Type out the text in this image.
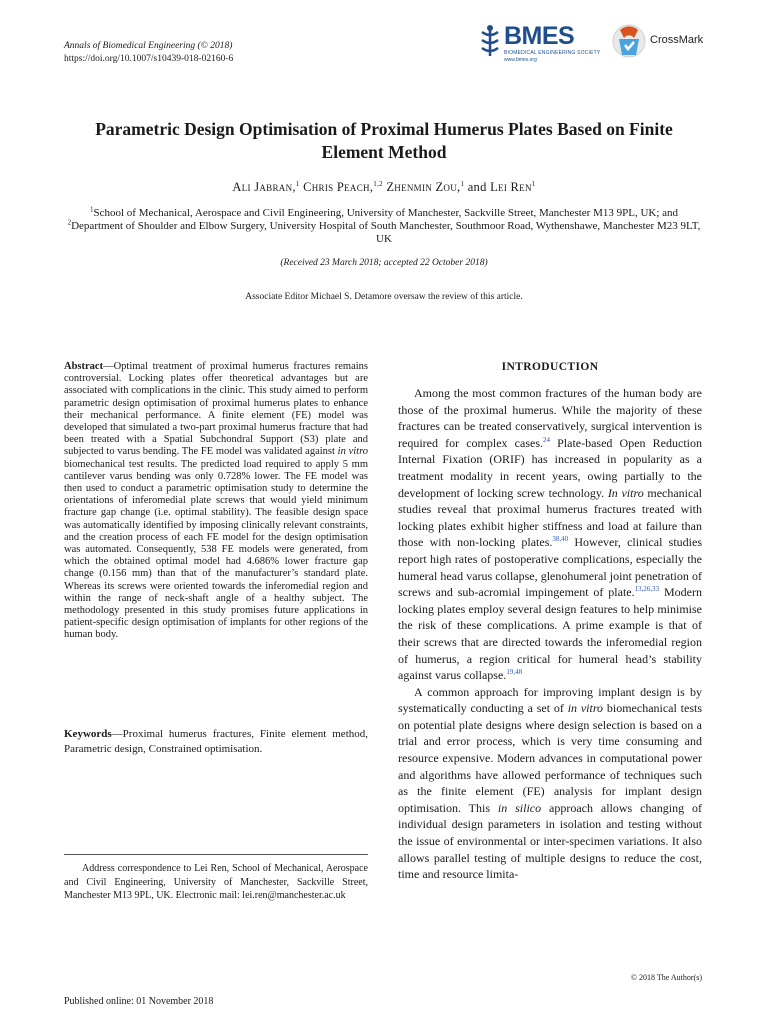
Annals of Biomedical Engineering (© 2018)
https://doi.org/10.1007/s10439-018-02160-6
BMES
BIOMEDICAL ENGINEERING SOCIETY
www.bmes.org
CrossMark
Parametric Design Optimisation of Proximal Humerus Plates Based on Finite Element Method
Ali Jabran,$^1$ Chris Peach,$^{1,2}$ Zhenmin Zou,$^1$ and Lei Ren$^1$
$^1$School of Mechanical, Aerospace and Civil Engineering, University of Manchester, Sackville Street, Manchester M13 9PL, UK; and $^2$Department of Shoulder and Elbow Surgery, University Hospital of South Manchester, Southmoor Road, Wythenshawe, Manchester M23 9LT, UK
(Received 23 March 2018; accepted 22 October 2018)
Associate Editor Michael S. Detamore oversaw the review of this article.
Abstract—Optimal treatment of proximal humerus fractures remains controversial. Locking plates offer theoretical advantages but are associated with complications in the clinic. This study aimed to perform parametric design optimisation of proximal humerus plates to enhance their mechanical performance. A finite element (FE) model was developed that simulated a two-part proximal humerus fracture that had been treated with a Spatial Subchondral Support (S3) plate and subjected to varus bending. The FE model was validated against in vitro biomechanical test results. The predicted load required to apply 5 mm cantilever varus bending was only 0.728% lower. The FE model was then used to conduct a parametric optimisation study to determine the orientations of inferomedial plate screws that would yield minimum fracture gap change (i.e. optimal stability). The feasible design space was automatically identified by imposing clinically relevant constraints, and the creation process of each FE model for the design optimisation was automated. Consequently, 538 FE models were generated, from which the obtained optimal model had 4.686% lower fracture gap change (0.156 mm) than that of the manufacturer’s standard plate. Whereas its screws were oriented towards the inferomedial region and within the range of neck-shaft angle of a healthy subject. The methodology presented in this study promises future applications in patient-specific design optimisation of implants for other regions of the human body.
Keywords—Proximal humerus fractures, Finite element method, Parametric design, Constrained optimisation.
Address correspondence to Lei Ren, School of Mechanical, Aerospace and Civil Engineering, University of Manchester, Sackville Street, Manchester M13 9PL, UK. Electronic mail: lei.ren@manchester.ac.uk
Published online: 01 November 2018
INTRODUCTION

Among the most common fractures of the human body are those of the proximal humerus. While the majority of these fractures can be treated conservatively, surgical intervention is required for complex cases.$^{24}$ Plate-based Open Reduction Internal Fixation (ORIF) has increased in popularity as a treatment modality in recent years, owing partially to the development of locking screw technology. In vitro mechanical studies reveal that proximal humerus fractures treated with locking plates exhibit higher stiffness and load at failure than those with non-locking plates.$^{38,40}$ However, clinical studies report high rates of postoperative complications, especially the humeral head varus collapse, glenohumeral joint penetration of screws and sub-acromial impingement of plate.$^{13,26,33}$ Modern locking plates employ several design features to help minimise the risk of these complications. A prime example is that of their screws that are directed towards the inferomedial region of humerus, a region critical for humeral head’s stability against varus collapse.$^{19,48}$

A common approach for improving implant design is by systematically conducting a set of in vitro biomechanical tests on potential plate designs where design selection is based on a trial and error process, which is very time consuming and resource expensive. Modern advances in computational power and algorithms have allowed performance of techniques such as the finite element (FE) analysis for implant design optimisation. This in silico approach allows changing of individual design parameters in isolation and testing without the issue of environmental or inter-specimen variations. It also allows parallel testing of multiple designs to reduce the cost, time and resource limita-

© 2018 The Author(s)
